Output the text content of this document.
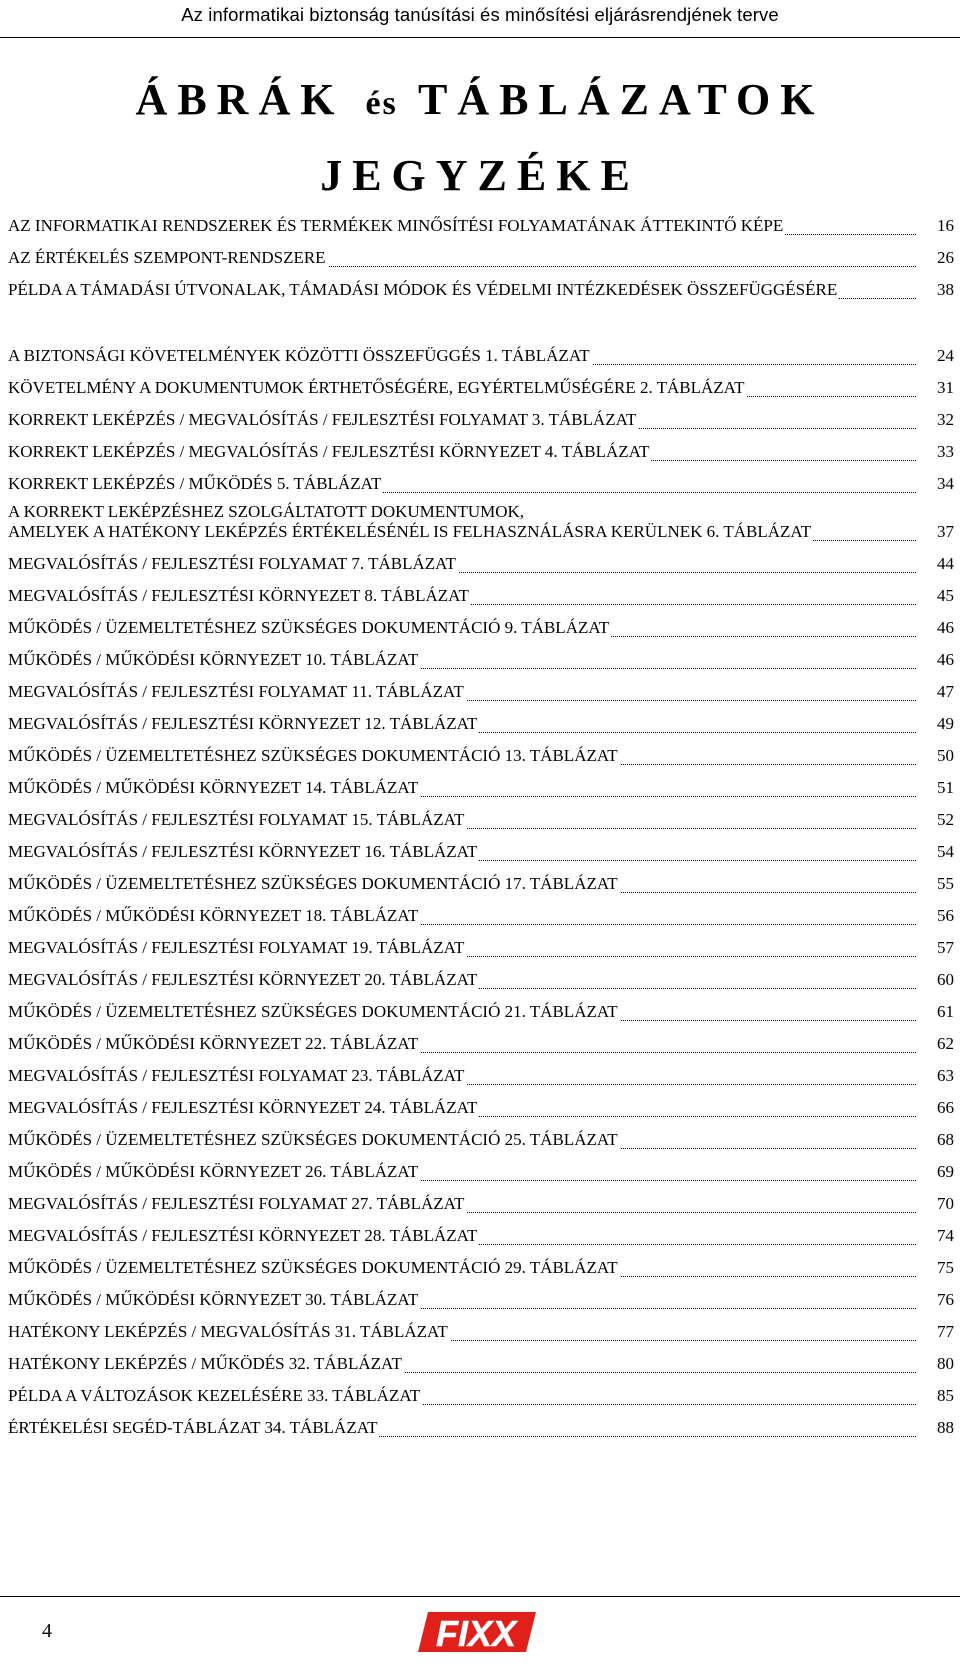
Az informatikai biztonság tanúsítási és minősítési eljárásrendjének terve
ÁBRÁK és TÁBLÁZATOK
JEGYZÉKE
AZ INFORMATIKAI RENDSZEREK ÉS TERMÉKEK MINŐSÍTÉSI FOLYAMATÁNAK ÁTTEKINTŐ KÉPE	16
AZ ÉRTÉKELÉS SZEMPONT-RENDSZERE	26
PÉLDA A TÁMADÁSI ÚTVONALAK, TÁMADÁSI MÓDOK ÉS VÉDELMI INTÉZKEDÉSEK ÖSSZEFÜGGÉSÉRE	38
A BIZTONSÁGI KÖVETELMÉNYEK KÖZÖTTI ÖSSZEFÜGGÉS 1. TÁBLÁZAT	24
KÖVETELMÉNY A DOKUMENTUMOK ÉRTHETŐSÉGÉRE, EGYÉRTELMŰSÉGÉRE 2. TÁBLÁZAT	31
KORREKT LEKÉPZÉS / MEGVALÓSÍTÁS / FEJLESZTÉSI FOLYAMAT 3. TÁBLÁZAT	32
KORREKT LEKÉPZÉS / MEGVALÓSÍTÁS / FEJLESZTÉSI KÖRNYEZET 4. TÁBLÁZAT	33
KORREKT LEKÉPZÉS / MŰKÖDÉS 5. TÁBLÁZAT	34
A KORREKT LEKÉPZÉSHEZ SZOLGÁLTATOTT DOKUMENTUMOK,
AMELYEK A HATÉKONY LEKÉPZÉS ÉRTÉKELÉSÉNÉL IS FELHASZNÁLÁSRA KERÜLNEK 6. TÁBLÁZAT	37
MEGVALÓSÍTÁS / FEJLESZTÉSI FOLYAMAT 7. TÁBLÁZAT	44
MEGVALÓSÍTÁS / FEJLESZTÉSI KÖRNYEZET 8. TÁBLÁZAT	45
MŰKÖDÉS / ÜZEMELTETÉSHEZ SZÜKSÉGES DOKUMENTÁCIÓ 9. TÁBLÁZAT	46
MŰKÖDÉS / MŰKÖDÉSI KÖRNYEZET 10. TÁBLÁZAT	46
MEGVALÓSÍTÁS / FEJLESZTÉSI FOLYAMAT 11. TÁBLÁZAT	47
MEGVALÓSÍTÁS / FEJLESZTÉSI KÖRNYEZET 12. TÁBLÁZAT	49
MŰKÖDÉS / ÜZEMELTETÉSHEZ SZÜKSÉGES DOKUMENTÁCIÓ 13. TÁBLÁZAT	50
MŰKÖDÉS / MŰKÖDÉSI KÖRNYEZET 14. TÁBLÁZAT	51
MEGVALÓSÍTÁS / FEJLESZTÉSI FOLYAMAT 15. TÁBLÁZAT	52
MEGVALÓSÍTÁS / FEJLESZTÉSI KÖRNYEZET 16. TÁBLÁZAT	54
MŰKÖDÉS / ÜZEMELTETÉSHEZ SZÜKSÉGES DOKUMENTÁCIÓ 17. TÁBLÁZAT	55
MŰKÖDÉS / MŰKÖDÉSI KÖRNYEZET 18. TÁBLÁZAT	56
MEGVALÓSÍTÁS / FEJLESZTÉSI FOLYAMAT 19. TÁBLÁZAT	57
MEGVALÓSÍTÁS / FEJLESZTÉSI KÖRNYEZET 20. TÁBLÁZAT	60
MŰKÖDÉS / ÜZEMELTETÉSHEZ SZÜKSÉGES DOKUMENTÁCIÓ 21. TÁBLÁZAT	61
MŰKÖDÉS / MŰKÖDÉSI KÖRNYEZET 22. TÁBLÁZAT	62
MEGVALÓSÍTÁS / FEJLESZTÉSI FOLYAMAT 23. TÁBLÁZAT	63
MEGVALÓSÍTÁS / FEJLESZTÉSI KÖRNYEZET 24. TÁBLÁZAT	66
MŰKÖDÉS / ÜZEMELTETÉSHEZ SZÜKSÉGES DOKUMENTÁCIÓ 25. TÁBLÁZAT	68
MŰKÖDÉS / MŰKÖDÉSI KÖRNYEZET 26. TÁBLÁZAT	69
MEGVALÓSÍTÁS / FEJLESZTÉSI FOLYAMAT 27. TÁBLÁZAT	70
MEGVALÓSÍTÁS / FEJLESZTÉSI KÖRNYEZET 28. TÁBLÁZAT	74
MŰKÖDÉS / ÜZEMELTETÉSHEZ SZÜKSÉGES DOKUMENTÁCIÓ 29. TÁBLÁZAT	75
MŰKÖDÉS / MŰKÖDÉSI KÖRNYEZET 30. TÁBLÁZAT	76
HATÉKONY LEKÉPZÉS / MEGVALÓSÍTÁS 31. TÁBLÁZAT	77
HATÉKONY LEKÉPZÉS / MŰKÖDÉS 32. TÁBLÁZAT	80
PÉLDA A VÁLTOZÁSOK KEZELÉSÉRE 33. TÁBLÁZAT	85
ÉRTÉKELÉSI SEGÉD-TÁBLÁZAT 34. TÁBLÁZAT	88
4	FIXX
